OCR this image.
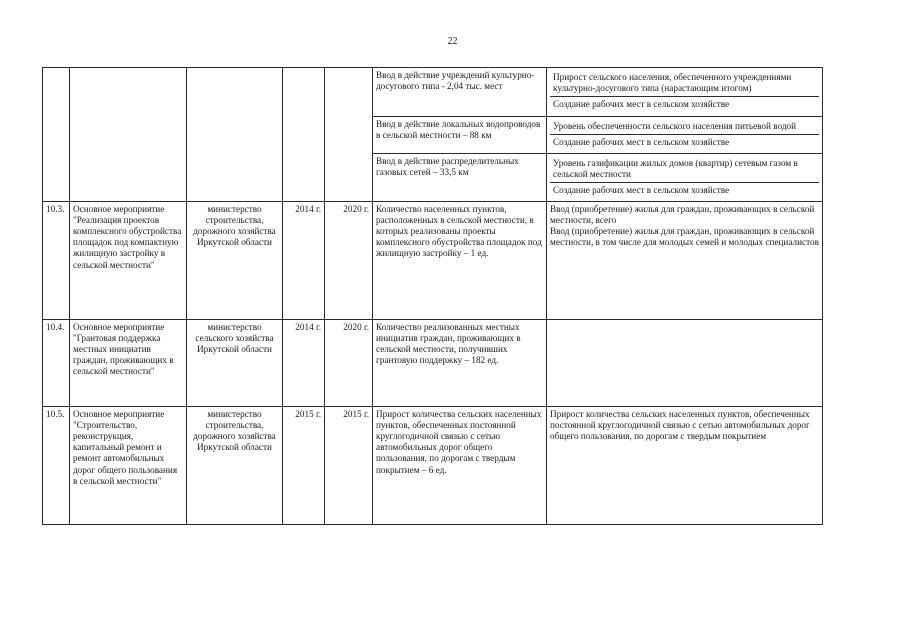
22
					Ввод в действие учреждений культурно-досугового типа - 2,04 тыс. мест	Прирост сельского населения, обеспеченного учреждениями культурно-досугового типа (нарастающим итогом)
Создание рабочих мест в сельском хозяйстве

					Ввод в действие локальных водопроводов в сельской местности – 88 км	Уровень обеспеченности сельского населения питьевой водой
Создание рабочих мест в сельском хозяйстве

					Ввод в действие распределительных газовых сетей – 33,5 км	Уровень газификации жилых домов (квартир) сетевым газом в сельской местности
Создание рабочих мест в сельском хозяйстве

10.3.	Основное мероприятие "Реализация проектов комплексного обустройства площадок под компактную жилищную застройку в сельской местности"	министерство строительства, дорожного хозяйства Иркутской области	2014 г.	2020 г.	Количество населенных пунктов, расположенных в сельской местности, в которых реализованы проекты комплексного обустройства площадок под жилищную застройку – 1 ед.	Ввод (приобретение) жилья для граждан, проживающих в сельской местности, всего
Ввод (приобретение) жилья для граждан, проживающих в сельской местности, в том числе для молодых семей и молодых специалистов

10.4.	Основное мероприятие "Грантовая поддержка местных инициатив граждан, проживающих в сельской местности"	министерство сельского хозяйства Иркутской области	2014 г.	2020 г.	Количество реализованных местных инициатив граждан, проживающих в сельской местности, получивших грантовую поддержку – 182 ед.	
10.5.	Основное мероприятие "Строительство, реконструкция, капитальный ремонт и ремонт автомобильных дорог общего пользования в сельской местности"	министерство строительства, дорожного хозяйства Иркутской области	2015 г.	2015 г.	Прирост количества сельских населенных пунктов, обеспеченных постоянной круглогодичной связью с сетью автомобильных дорог общего пользования, по дорогам с твердым покрытием – 6 ед.	Прирост количества сельских населенных пунктов, обеспеченных постоянной круглогодичной связью с сетью автомобильных дорог общего пользования, по дорогам с твердым покрытием
